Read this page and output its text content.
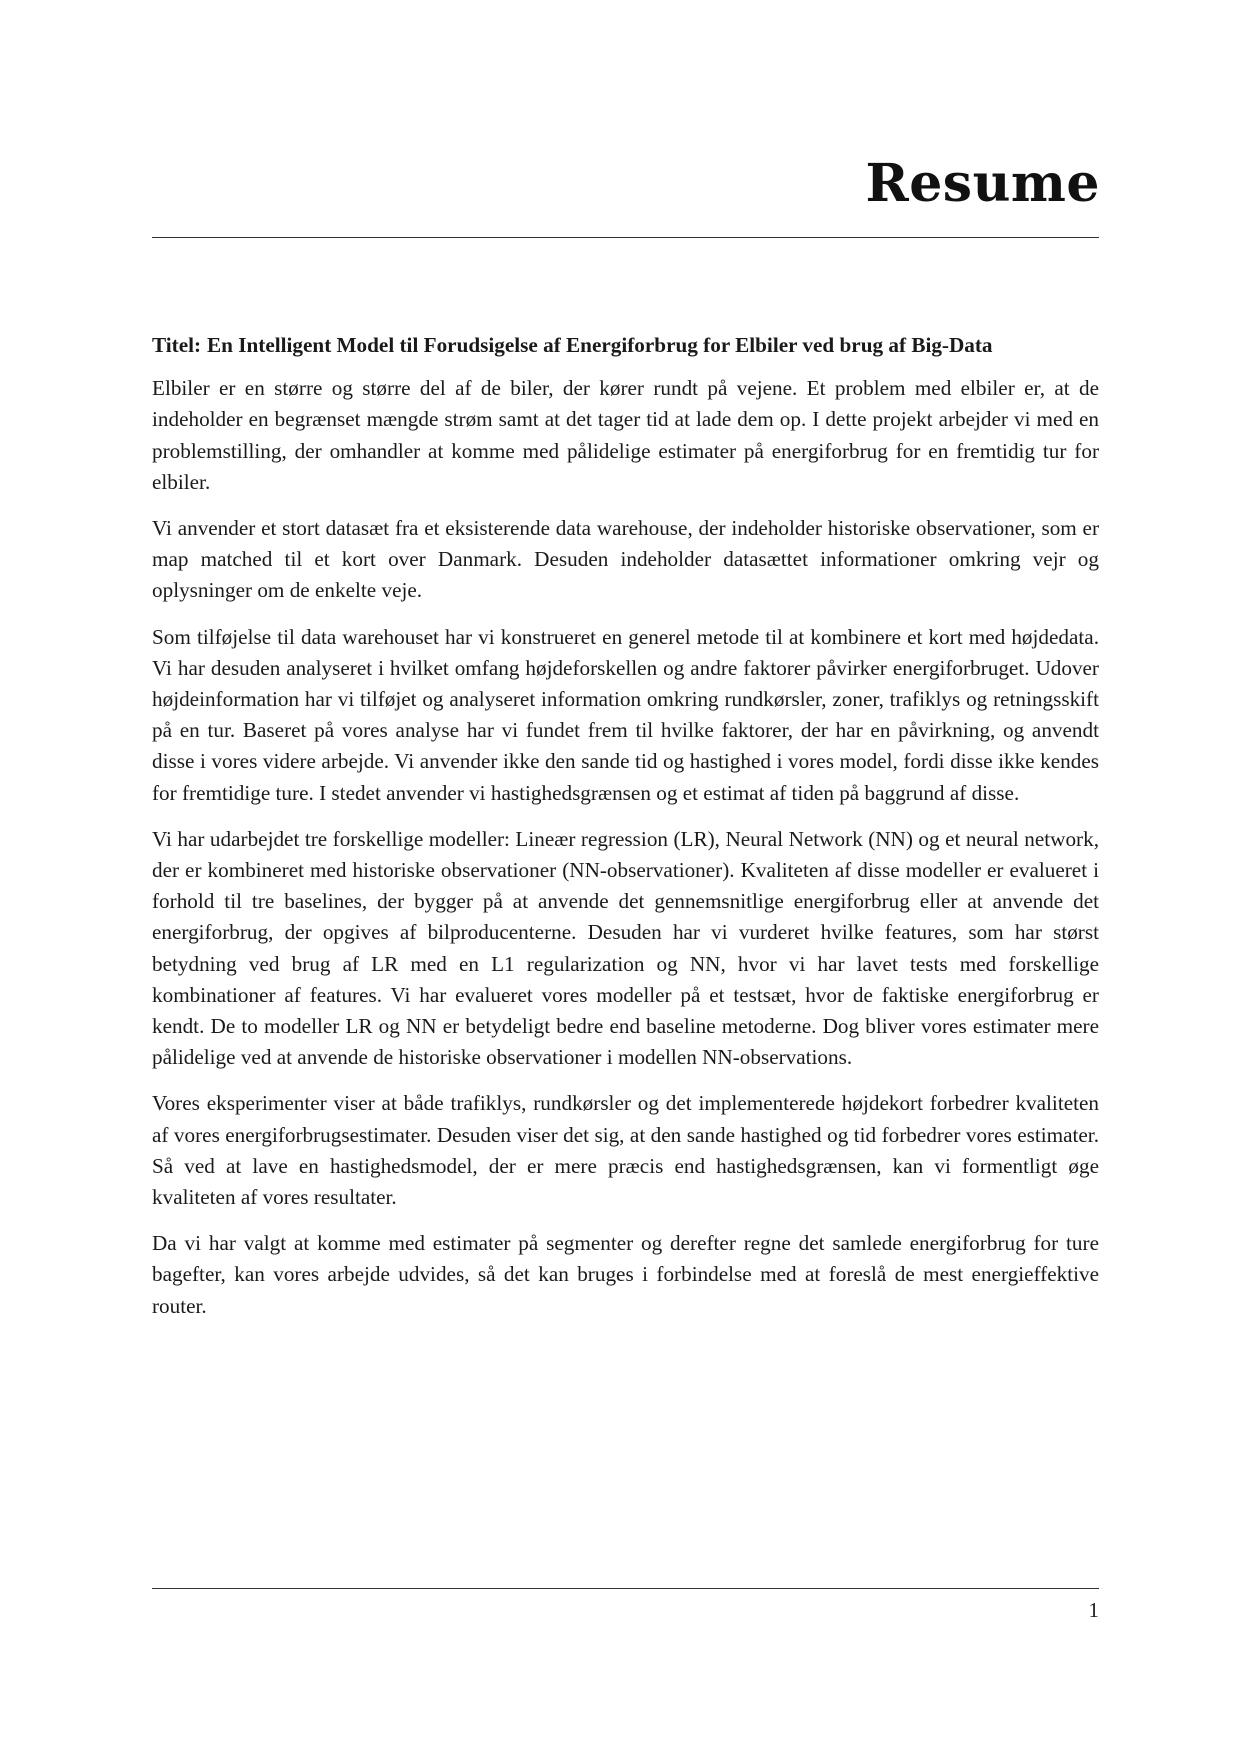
Resume

Titel: En Intelligent Model til Forudsigelse af Energiforbrug for Elbiler ved brug af Big-Data

Elbiler er en større og større del af de biler, der kører rundt på vejene. Et problem med elbiler er, at de indeholder en begrænset mængde strøm samt at det tager tid at lade dem op. I dette projekt arbejder vi med en problemstilling, der omhandler at komme med pålidelige estimater på energiforbrug for en fremtidig tur for elbiler.

Vi anvender et stort datasæt fra et eksisterende data warehouse, der indeholder historiske observationer, som er map matched til et kort over Danmark. Desuden indeholder datasættet informationer omkring vejr og oplysninger om de enkelte veje.

Som tilføjelse til data warehouset har vi konstrueret en generel metode til at kombinere et kort med højdedata. Vi har desuden analyseret i hvilket omfang højdeforskellen og andre faktorer påvirker energiforbruget. Udover højdeinformation har vi tilføjet og analyseret information omkring rundkørsler, zoner, trafiklys og retningsskift på en tur. Baseret på vores analyse har vi fundet frem til hvilke faktorer, der har en påvirkning, og anvendt disse i vores videre arbejde. Vi anvender ikke den sande tid og hastighed i vores model, fordi disse ikke kendes for fremtidige ture. I stedet anvender vi hastighedsgrænsen og et estimat af tiden på baggrund af disse.

Vi har udarbejdet tre forskellige modeller: Lineær regression (LR), Neural Network (NN) og et neural network, der er kombineret med historiske observationer (NN-observationer). Kvaliteten af disse modeller er evalueret i forhold til tre baselines, der bygger på at anvende det gennemsnitlige energiforbrug eller at anvende det energiforbrug, der opgives af bilproducenterne. Desuden har vi vurderet hvilke features, som har størst betydning ved brug af LR med en L1 regularization og NN, hvor vi har lavet tests med forskellige kombinationer af features. Vi har evalueret vores modeller på et testsæt, hvor de faktiske energiforbrug er kendt. De to modeller LR og NN er betydeligt bedre end baseline metoderne. Dog bliver vores estimater mere pålidelige ved at anvende de historiske observationer i modellen NN-observations.

Vores eksperimenter viser at både trafiklys, rundkørsler og det implementerede højdekort forbedrer kvaliteten af vores energiforbrugsestimater. Desuden viser det sig, at den sande hastighed og tid forbedrer vores estimater. Så ved at lave en hastighedsmodel, der er mere præcis end hastighedsgrænsen, kan vi formentligt øge kvaliteten af vores resultater.

Da vi har valgt at komme med estimater på segmenter og derefter regne det samlede energiforbrug for ture bagefter, kan vores arbejde udvides, så det kan bruges i forbindelse med at foreslå de mest energieffektive router.

1
